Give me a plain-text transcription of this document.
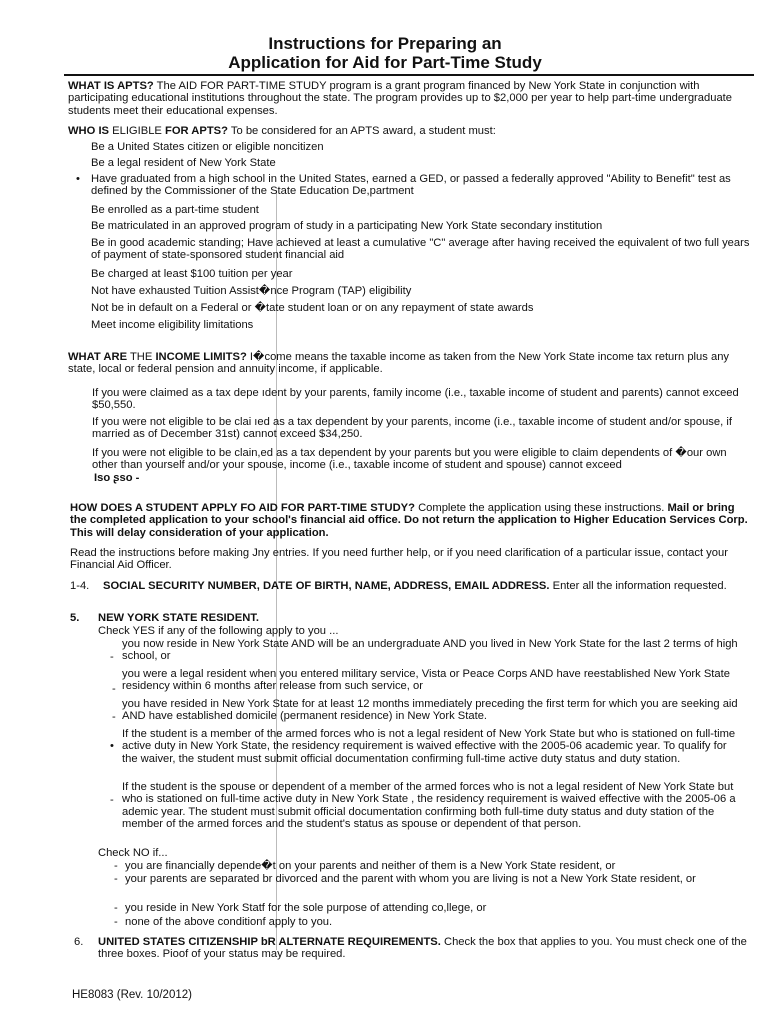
Instructions for Preparing an
Application for Aid for Part-Time Study

WHAT IS APTS? The AID FOR PART-TIME STUDY program is a grant program financed by New York State in conjunction with participating educational institutions throughout the state. The program provides up to $2,000 per year to help part-time undergraduate students meet their educational expenses.

WHO IS ELIGIBLE FOR APTS? To be considered for an APTS award, a student must:

Be a United States citizen or eligible noncitizen
Be a legal resident of New York State
• Have graduated from a high school in the United States, earned a GED, or passed a federally approved "Ability to Benefit" test as defined by the Commissioner of the State Education De,partment
Be enrolled as a part-time student
Be matriculated in an approved program of study in a participating New York State secondary institution
Be in good academic standing; Have achieved at least a cumulative "C" average after having received the equivalent of two full years of payment of state-sponsored student financial aid
Be charged at least $100 tuition per year
Not have exhausted Tuition Assist�nce Program (TAP) eligibility
Not be in default on a Federal or �tate student loan or on any repayment of state awards
Meet income eligibility limitations

WHAT ARE THE INCOME LIMITS? I�come means the taxable income as taken from the New York State income tax return plus any state, local or federal pension and annuity income, if applicable.

If you were claimed as a tax depe ıdent by your parents, family income (i.e., taxable income of student and parents) cannot exceed $50,550.
If you were not eligible to be clai ıed as a tax dependent by your parents, income (i.e., taxable income of student and/or spouse, if married as of December 31st) cannot exceed $34,250.
If you were not eligible to be clain,ed as a tax dependent by your parents but you were eligible to claim dependents of �our own other than yourself and/or your spouse, income (i.e., taxable income of student and spouse) cannot exceed
Iso ʂso -

HOW DOES A STUDENT APPLY FO AID FOR PART-TIME STUDY? Complete the application using these instructions. Mail or bring the completed application to your school's financial aid office. Do not return the application to Higher Education Services Corp. This will delay consideration of your application.

Read the instructions before making Jny entries. If you need further help, or if you need clarification of a particular issue, contact your Financial Aid Officer.

1-4. SOCIAL SECURITY NUMBER, DATE OF BIRTH, NAME, ADDRESS, EMAIL ADDRESS. Enter all the information requested.

5. NEW YORK STATE RESIDENT.
Check YES if any of the following apply to you ...
you now reside in New York State AND will be an undergraduate AND you lived in New York State for the last 2 terms of high school, or
-
you were a legal resident when you entered military service, Vista or Peace Corps AND have reestablished New York State residency within 6 months after release from such service, or
-
you have resided in New York State for at least 12 months immediately preceding the first term for which you are seeking aid AND have established domicile (permanent residence) in New York State.
-
If the student is a member of the armed forces who is not a legal resident of New York State but who is stationed on full-time active duty in New York State, the residency requirement is waived effective with the 2005-06 academic year. To qualify for the waiver, the student must submit official documentation confirming full-time active duty status and duty station.
•
If the student is the spouse or dependent of a member of the armed forces who is not a legal resident of New York State but who is stationed on full-time active duty in New York State , the residency requirement is waived effective with the 2005-06 a ademic year. The student must submit official documentation confirming both full-time duty status and duty station of the member of the armed forces and the student's status as spouse or dependent of that person.
-
Check NO if...
- you are financially depende�t on your parents and neither of them is a New York State resident, or
- your parents are separated br divorced and the parent with whom you are living is not a New York State resident, or
- you reside in New York Statf for the sole purpose of attending co,llege, or
- none of the above conditionf apply to you.
6. UNITED STATES CITIZENSHIP bR ALTERNATE REQUIREMENTS. Check the box that applies to you. You must check one of the three boxes. Pioof of your status may be required.

HE8083 (Rev. 10/2012)
